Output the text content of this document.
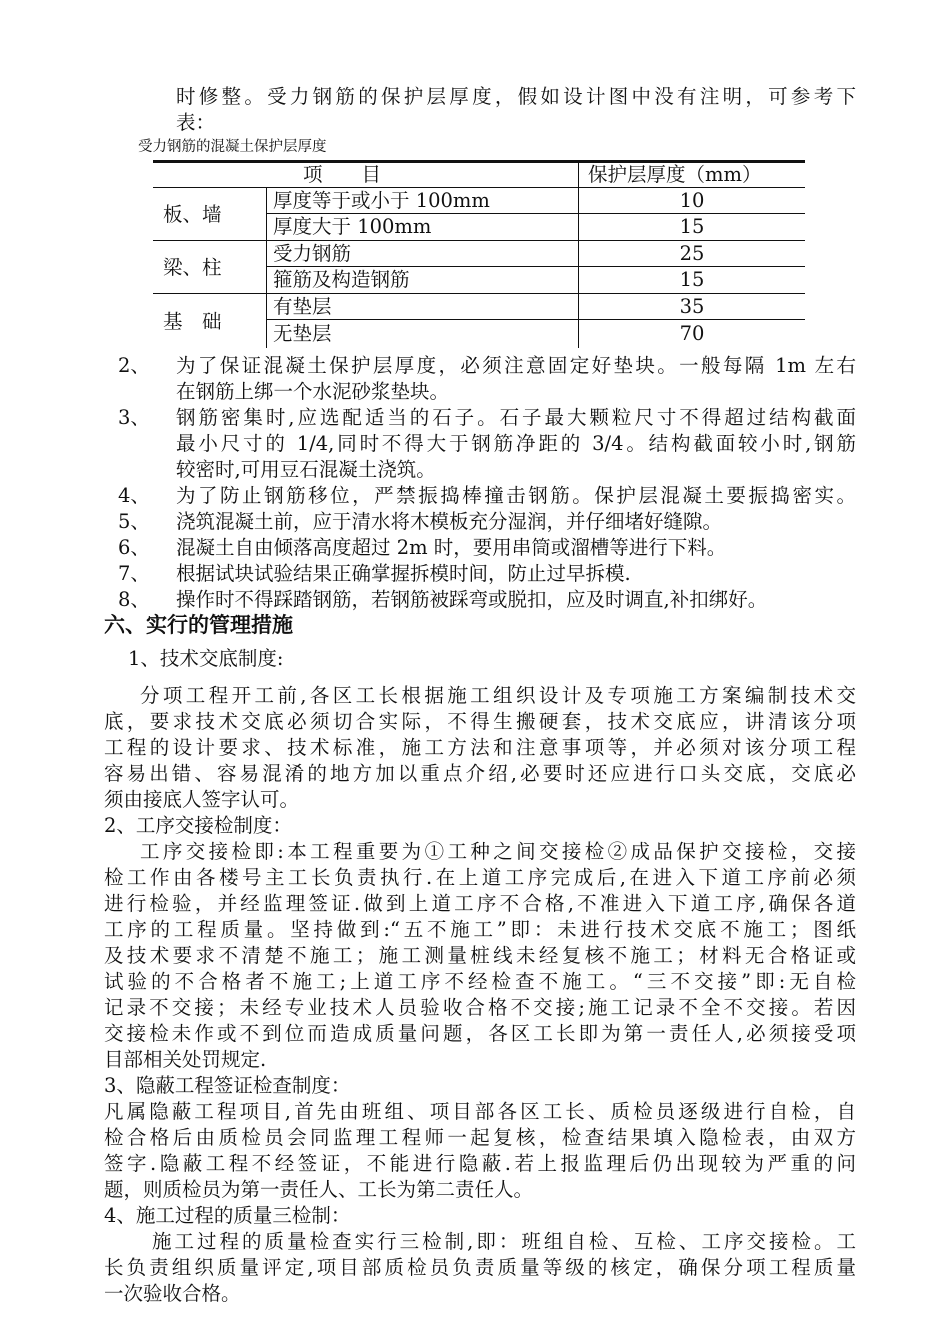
时修整。受力钢筋的保护层厚度，假如设计图中没有注明，可参考下
表：
受力钢筋的混凝土保护层厚度
项　　目	保护层厚度（mm）
板、墙
厚度等于或小于 100mm	10
厚度大于 100mm	15
梁、柱
受力钢筋	25
箍筋及构造钢筋	15
基　础
有垫层	35
无垫层	70
2、 为了保证混凝土保护层厚度，必须注意固定好垫块。一般每隔 1m 左右
在钢筋上绑一个水泥砂浆垫块。
3、 钢筋密集时,应选配适当的石子。石子最大颗粒尺寸不得超过结构截面
最小尺寸的 1/4,同时不得大于钢筋净距的 3/4。结构截面较小时,钢筋
较密时,可用豆石混凝土浇筑。
4、 为了防止钢筋移位，严禁振捣棒撞击钢筋。保护层混凝土要振捣密实。
5、 浇筑混凝土前，应于清水将木模板充分湿润，并仔细堵好缝隙。
6、 混凝土自由倾落高度超过 2m 时，要用串筒或溜槽等进行下料。
7、 根据试块试验结果正确掌握拆模时间，防止过早拆模.
8、 操作时不得踩踏钢筋，若钢筋被踩弯或脱扣，应及时调直,补扣绑好。
六、实行的管理措施
1、技术交底制度:
分项工程开工前,各区工长根据施工组织设计及专项施工方案编制技术交
底，要求技术交底必须切合实际，不得生搬硬套，技术交底应，讲清该分项
工程的设计要求、技术标准，施工方法和注意事项等，并必须对该分项工程
容易出错、容易混淆的地方加以重点介绍,必要时还应进行口头交底，交底必
须由接底人签字认可。
2、工序交接检制度：
工序交接检即:本工程重要为①工种之间交接检②成品保护交接检，交接
检工作由各楼号主工长负责执行.在上道工序完成后,在进入下道工序前必须
进行检验，并经监理签证.做到上道工序不合格,不准进入下道工序,确保各道
工序的工程质量。坚持做到:“五不施工”即：未进行技术交底不施工；图纸
及技术要求不清楚不施工；施工测量桩线未经复核不施工；材料无合格证或
试验的不合格者不施工;上道工序不经检查不施工。“三不交接”即:无自检
记录不交接；未经专业技术人员验收合格不交接;施工记录不全不交接。若因
交接检未作或不到位而造成质量问题，各区工长即为第一责任人,必须接受项
目部相关处罚规定.
3、隐蔽工程签证检查制度：
凡属隐蔽工程项目,首先由班组、项目部各区工长、质检员逐级进行自检，自
检合格后由质检员会同监理工程师一起复核，检查结果填入隐检表，由双方
签字.隐蔽工程不经签证，不能进行隐蔽.若上报监理后仍出现较为严重的问
题，则质检员为第一责任人、工长为第二责任人。
4、施工过程的质量三检制：
施工过程的质量检查实行三检制,即：班组自检、互检、工序交接检。工
长负责组织质量评定,项目部质检员负责质量等级的核定，确保分项工程质量
一次验收合格。
